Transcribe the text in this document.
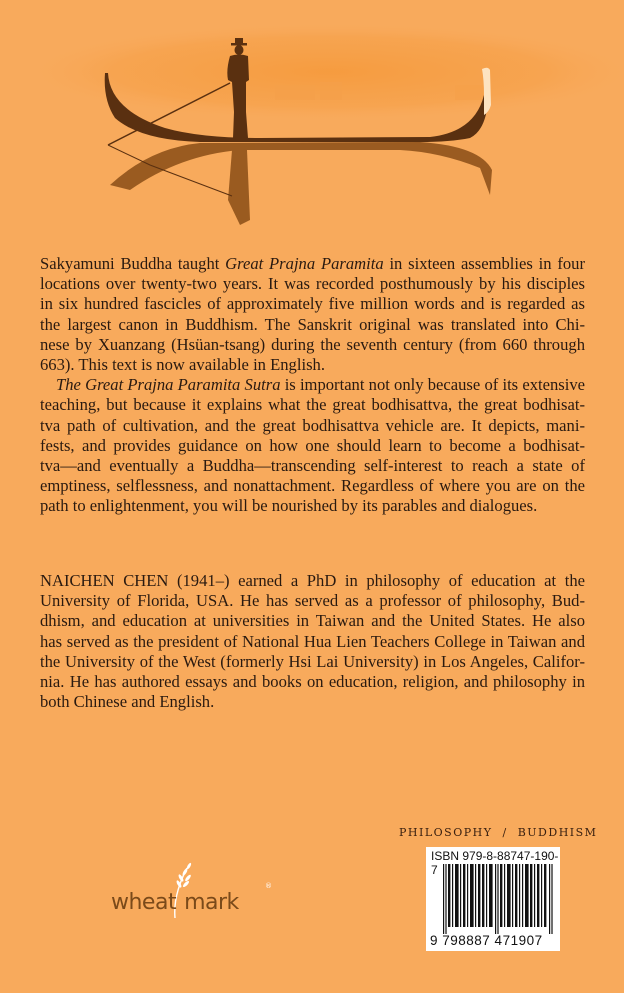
Sakyamuni Buddha taught Great Prajna Paramita in sixteen assemblies in four
locations over twenty-two years. It was recorded posthumously by his disciples
in six hundred fascicles of approximately five million words and is regarded as
the largest canon in Buddhism. The Sanskrit original was translated into Chi-
nese by Xuanzang (Hsüan-tsang) during the seventh century (from 660 through
663). This text is now available in English.

The Great Prajna Paramita Sutra is important not only because of its extensive
teaching, but because it explains what the great bodhisattva, the great bodhisat-
tva path of cultivation, and the great bodhisattva vehicle are. It depicts, mani-
fests, and provides guidance on how one should learn to become a bodhisat-
tva—and eventually a Buddha—transcending self-interest to reach a state of
emptiness, selflessness, and nonattachment. Regardless of where you are on the
path to enlightenment, you will be nourished by its parables and dialogues.

NAICHEN CHEN (1941–) earned a PhD in philosophy of education at the
University of Florida, USA. He has served as a professor of philosophy, Bud-
dhism, and education at universities in Taiwan and the United States. He also
has served as the president of National Hua Lien Teachers College in Taiwan and
the University of the West (formerly Hsi Lai University) in Los Angeles, Califor-
nia. He has authored essays and books on education, religion, and philosophy in
both Chinese and English.

PHILOSOPHY / BUDDHISM
ISBN 979-8-88747-190-7
9 798887 471907
wheat mark
®
